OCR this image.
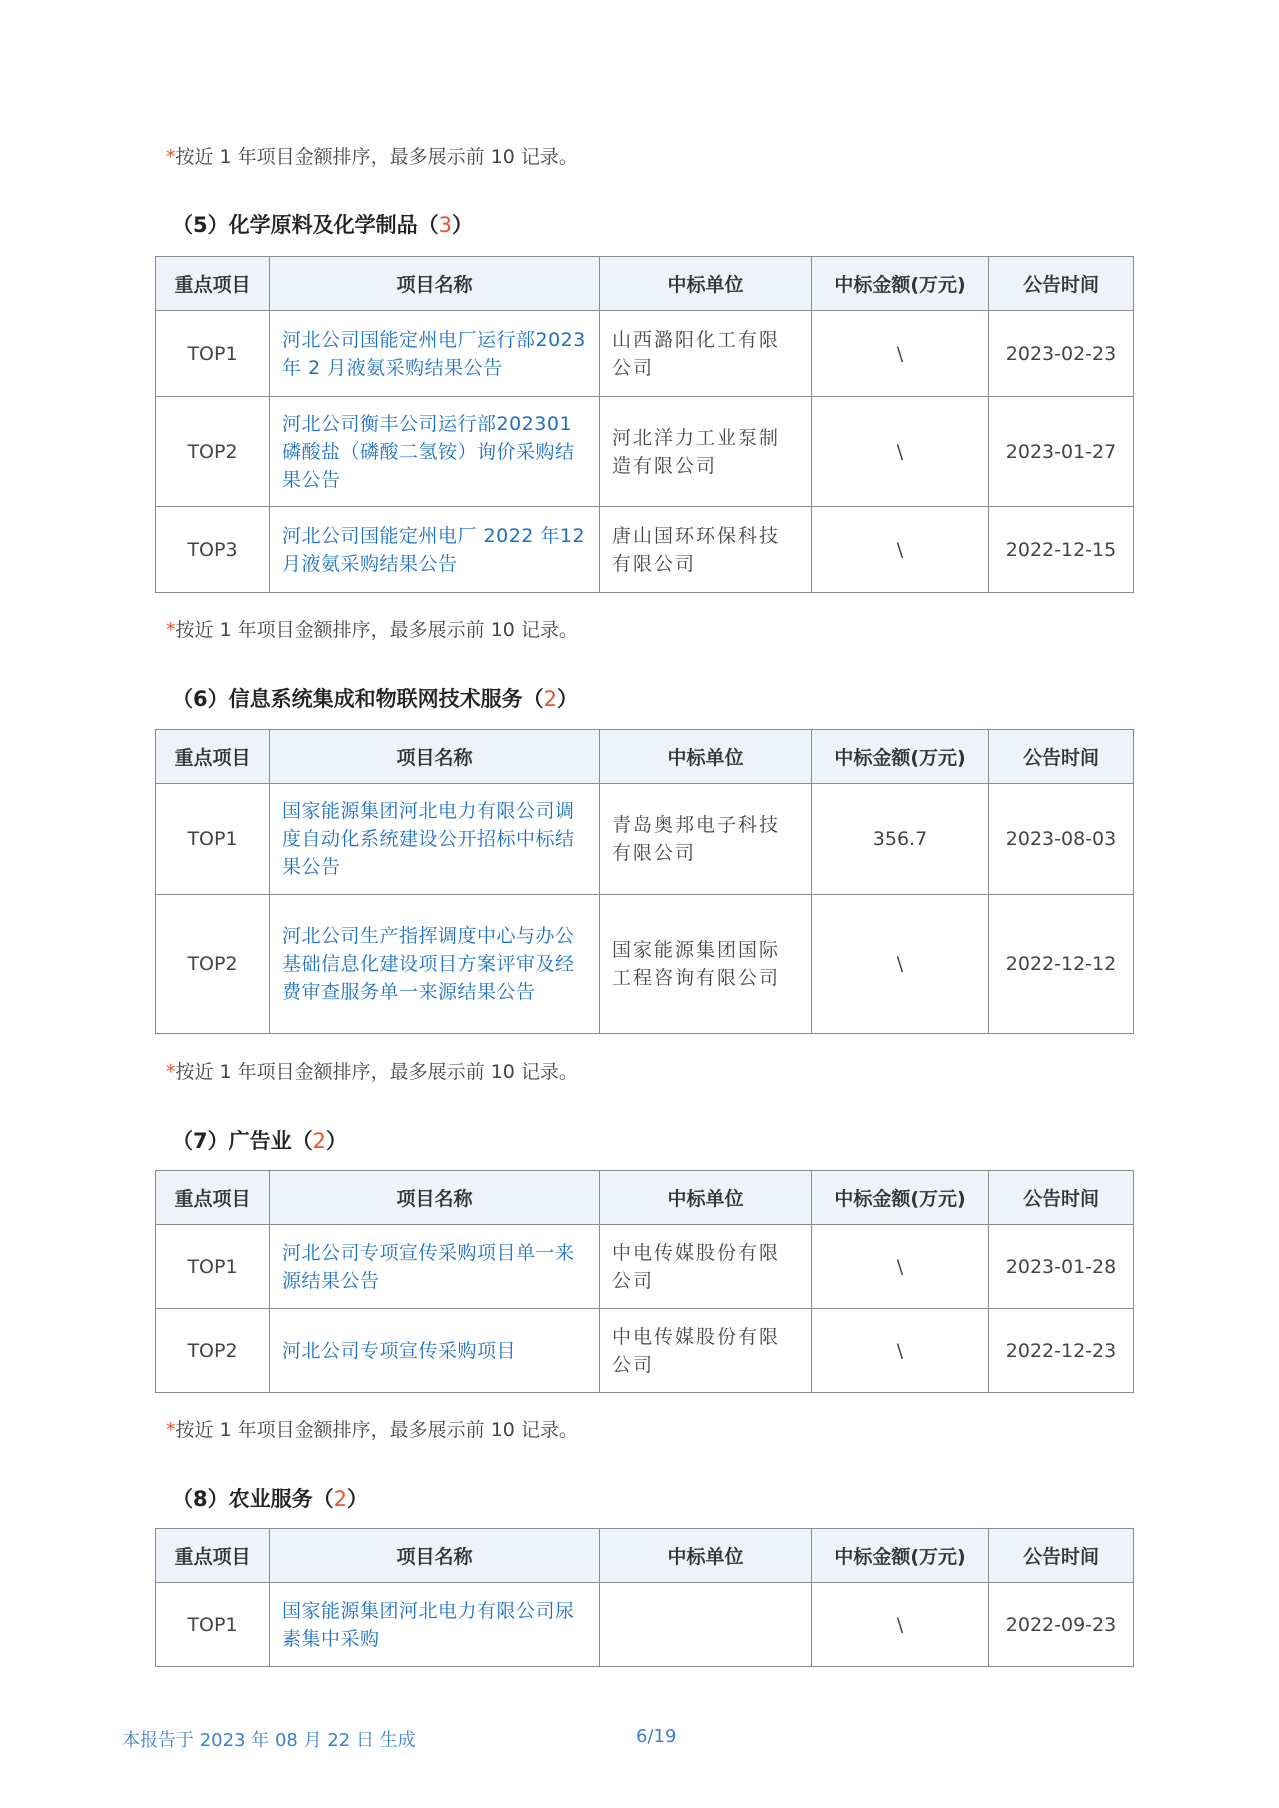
*按近 1 年项目金额排序，最多展示前 10 记录。
（5）化学原料及化学制品（3）
重点项目	项目名称	中标单位	中标金额(万元)	公告时间
TOP1	河北公司国能定州电厂运行部2023 年 2 月液氨采购结果公告	山西潞阳化工有限公司	\	2023-02-23
TOP2	河北公司衡丰公司运行部202301 磷酸盐（磷酸二氢铵）询价采购结果公告	河北洋力工业泵制造有限公司	\	2023-01-27
TOP3	河北公司国能定州电厂 2022 年12 月液氨采购结果公告	唐山国环环保科技有限公司	\	2022-12-15
*按近 1 年项目金额排序，最多展示前 10 记录。
（6）信息系统集成和物联网技术服务（2）
重点项目	项目名称	中标单位	中标金额(万元)	公告时间
TOP1	国家能源集团河北电力有限公司调度自动化系统建设公开招标中标结果公告	青岛奥邦电子科技有限公司	356.7	2023-08-03
TOP2	河北公司生产指挥调度中心与办公基础信息化建设项目方案评审及经费审查服务单一来源结果公告	国家能源集团国际工程咨询有限公司	\	2022-12-12
*按近 1 年项目金额排序，最多展示前 10 记录。
（7）广告业（2）
重点项目	项目名称	中标单位	中标金额(万元)	公告时间
TOP1	河北公司专项宣传采购项目单一来源结果公告	中电传媒股份有限公司	\	2023-01-28
TOP2	河北公司专项宣传采购项目	中电传媒股份有限公司	\	2022-12-23
*按近 1 年项目金额排序，最多展示前 10 记录。
（8）农业服务（2）
重点项目	项目名称	中标单位	中标金额(万元)	公告时间
TOP1	国家能源集团河北电力有限公司尿素集中采购		\	2022-09-23
本报告于 2023 年 08 月 22 日 生成	6/19
